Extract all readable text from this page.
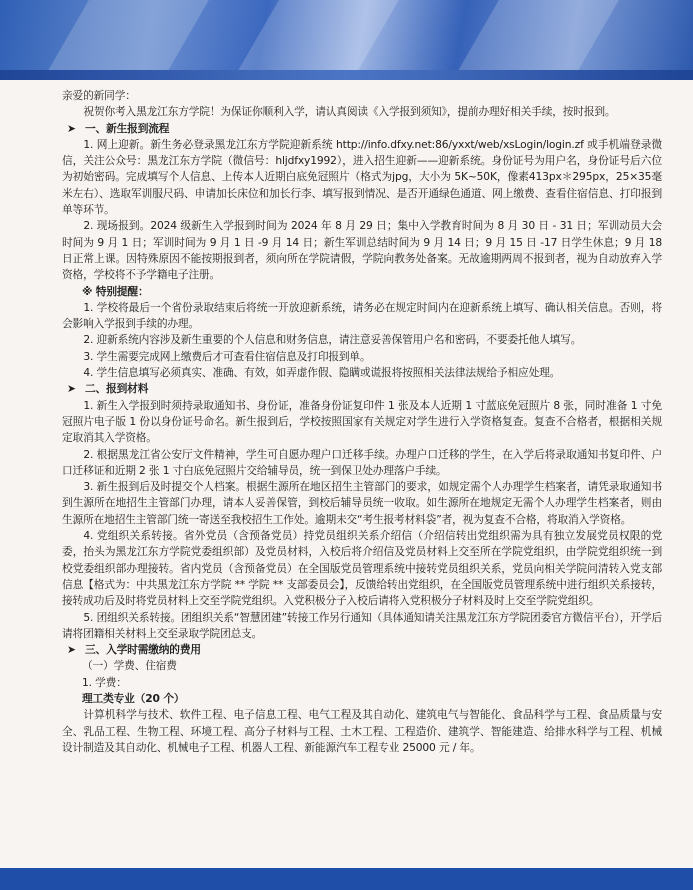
亲爱的新同学：

祝贺你考入黑龙江东方学院！为保证你顺利入学，请认真阅读《入学报到须知》，提前办理好相关手续，按时报到。

➤ 一、新生报到流程

1. 网上迎新。新生务必登录黑龙江东方学院迎新系统 http://info.dfxy.net:86/yxxt/web/xsLogin/login.zf 或手机端登录微信，关注公众号：黑龙江东方学院（微信号：hljdfxy1992），进入招生迎新——迎新系统。身份证号为用户名，身份证号后六位为初始密码。完成填写个人信息、上传本人近期白底免冠照片（格式为jpg，大小为 5K~50K，像素413px＊295px，25×35毫米左右）、选取军训服尺码、申请加长床位和加长行李、填写报到情况、是否开通绿色通道、网上缴费、查看住宿信息、打印报到单等环节。

2. 现场报到。2024 级新生入学报到时间为 2024 年 8 月 29 日；集中入学教育时间为 8 月 30 日 - 31 日；军训动员大会时间为 9 月 1 日；军训时间为 9 月 1 日 -9 月 14 日；新生军训总结时间为 9 月 14 日；9 月 15 日 -17 日学生休息；9 月 18 日正常上课。因特殊原因不能按期报到者，须向所在学院请假，学院向教务处备案。无故逾期两周不报到者，视为自动放弃入学资格，学校将不予学籍电子注册。

※ 特别提醒：

1. 学校将最后一个省份录取结束后将统一开放迎新系统，请务必在规定时间内在迎新系统上填写、确认相关信息。否则，将会影响入学报到手续的办理。

2. 迎新系统内容涉及新生重要的个人信息和财务信息，请注意妥善保管用户名和密码，不要委托他人填写。

3. 学生需要完成网上缴费后才可查看住宿信息及打印报到单。

4. 学生信息填写必须真实、准确、有效，如弄虚作假、隐瞒或谎报将按照相关法律法规给予相应处理。

➤ 二、报到材料

1. 新生入学报到时须持录取通知书、身份证，准备身份证复印件 1 张及本人近期 1 寸蓝底免冠照片 8 张，同时准备 1 寸免冠照片电子版 1 份以身份证号命名。新生报到后，学校按照国家有关规定对学生进行入学资格复查。复查不合格者，根据相关规定取消其入学资格。

2. 根据黑龙江省公安厅文件精神，学生可自愿办理户口迁移手续。办理户口迁移的学生，在入学后将录取通知书复印件、户口迁移证和近期 2 张 1 寸白底免冠照片交给辅导员，统一到保卫处办理落户手续。

3. 新生报到后及时提交个人档案。根据生源所在地区招生主管部门的要求，如规定需个人办理学生档案者，请凭录取通知书到生源所在地招生主管部门办理，请本人妥善保管，到校后辅导员统一收取。如生源所在地规定无需个人办理学生档案者，则由生源所在地招生主管部门统一寄送至我校招生工作处。逾期未交“考生报考材料袋”者，视为复查不合格，将取消入学资格。

4. 党组织关系转接。省外党员（含预备党员）持党员组织关系介绍信（介绍信转出党组织需为具有独立发展党员权限的党委，抬头为黑龙江东方学院党委组织部）及党员材料，入校后将介绍信及党员材料上交至所在学院党组织，由学院党组织统一到校党委组织部办理接转。省内党员（含预备党员）在全国版党员管理系统中接转党员组织关系，党员向相关学院问清转入党支部信息【格式为：中共黑龙江东方学院 ** 学院 ** 支部委员会】，反馈给转出党组织，在全国版党员管理系统中进行组织关系接转，接转成功后及时将党员材料上交至学院党组织。入党积极分子入校后请将入党积极分子材料及时上交至学院党组织。

5. 团组织关系转接。团组织关系“智慧团建”转接工作另行通知（具体通知请关注黑龙江东方学院团委官方微信平台），开学后请将团籍相关材料上交至录取学院团总支。

➤ 三、入学时需缴纳的费用

（一）学费、住宿费

1. 学费：

理工类专业（20 个）

计算机科学与技术、软件工程、电子信息工程、电气工程及其自动化、建筑电气与智能化、食品科学与工程、食品质量与安全、乳品工程、生物工程、环境工程、高分子材料与工程、土木工程、工程造价、建筑学、智能建造、给排水科学与工程、机械设计制造及其自动化、机械电子工程、机器人工程、新能源汽车工程专业 25000 元 / 年。
